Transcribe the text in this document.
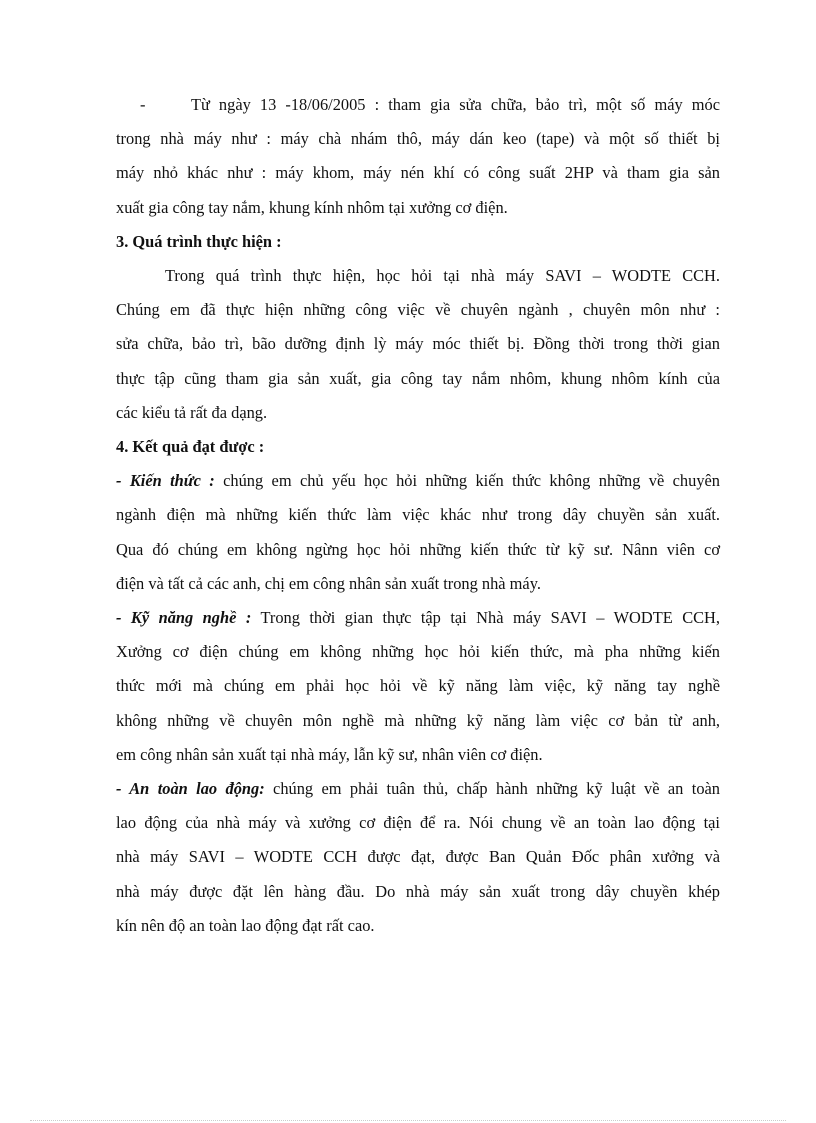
-	Từ ngày 13 -18/06/2005 : tham gia sửa chữa, bảo trì, một số máy móc
trong nhà máy như : máy chà nhám thô, máy dán keo (tape) và một số thiết bị
máy nhỏ khác như : máy khom, máy nén khí có công suất 2HP và tham gia sản
xuất gia công tay nắm, khung kính nhôm tại xưởng cơ điện.

3. Quá trình thực hiện :

Trong quá trình thực hiện, học hỏi tại nhà máy SAVI – WODTE CCH.
Chúng em đã thực hiện những công việc về chuyên ngành , chuyên môn như :
sửa chữa, bảo trì, bão dưỡng định lỳ máy móc thiết bị. Đồng thời trong thời gian
thực tập cũng tham gia sản xuất, gia công tay nắm nhôm, khung nhôm kính của
các kiểu tả rất đa dạng.

4. Kết quả đạt được :

- Kiến thức : chúng em chủ yếu học hỏi những kiến thức không những về chuyên
ngành điện mà những kiến thức làm việc khác như trong dây chuyền sản xuất.
Qua đó chúng em không ngừng học hỏi những kiến thức từ kỹ sư. Nânn viên cơ
điện và tất cả các anh, chị em công nhân sản xuất trong nhà máy.

- Kỹ năng nghề : Trong thời gian thực tập tại Nhà máy SAVI – WODTE CCH,
Xưởng cơ điện chúng em không những học hỏi kiến thức, mà pha những kiến
thức mới mà chúng em phải học hỏi về kỹ năng làm việc, kỹ năng tay nghề
không những về chuyên môn nghề mà những kỹ năng làm việc cơ bản từ anh,
em công nhân sản xuất tại nhà máy, lẫn kỹ sư, nhân viên cơ điện.

- An toàn lao động: chúng em phải tuân thủ, chấp hành những kỹ luật về an toàn
lao động của nhà máy và xưởng cơ điện để ra. Nói chung về an toàn lao động tại
nhà máy SAVI – WODTE CCH được đạt, được Ban Quản Đốc phân xưởng và
nhà máy được đặt lên hàng đầu. Do nhà máy sản xuất trong dây chuyền khép
kín nên độ an toàn lao động đạt rất cao.
